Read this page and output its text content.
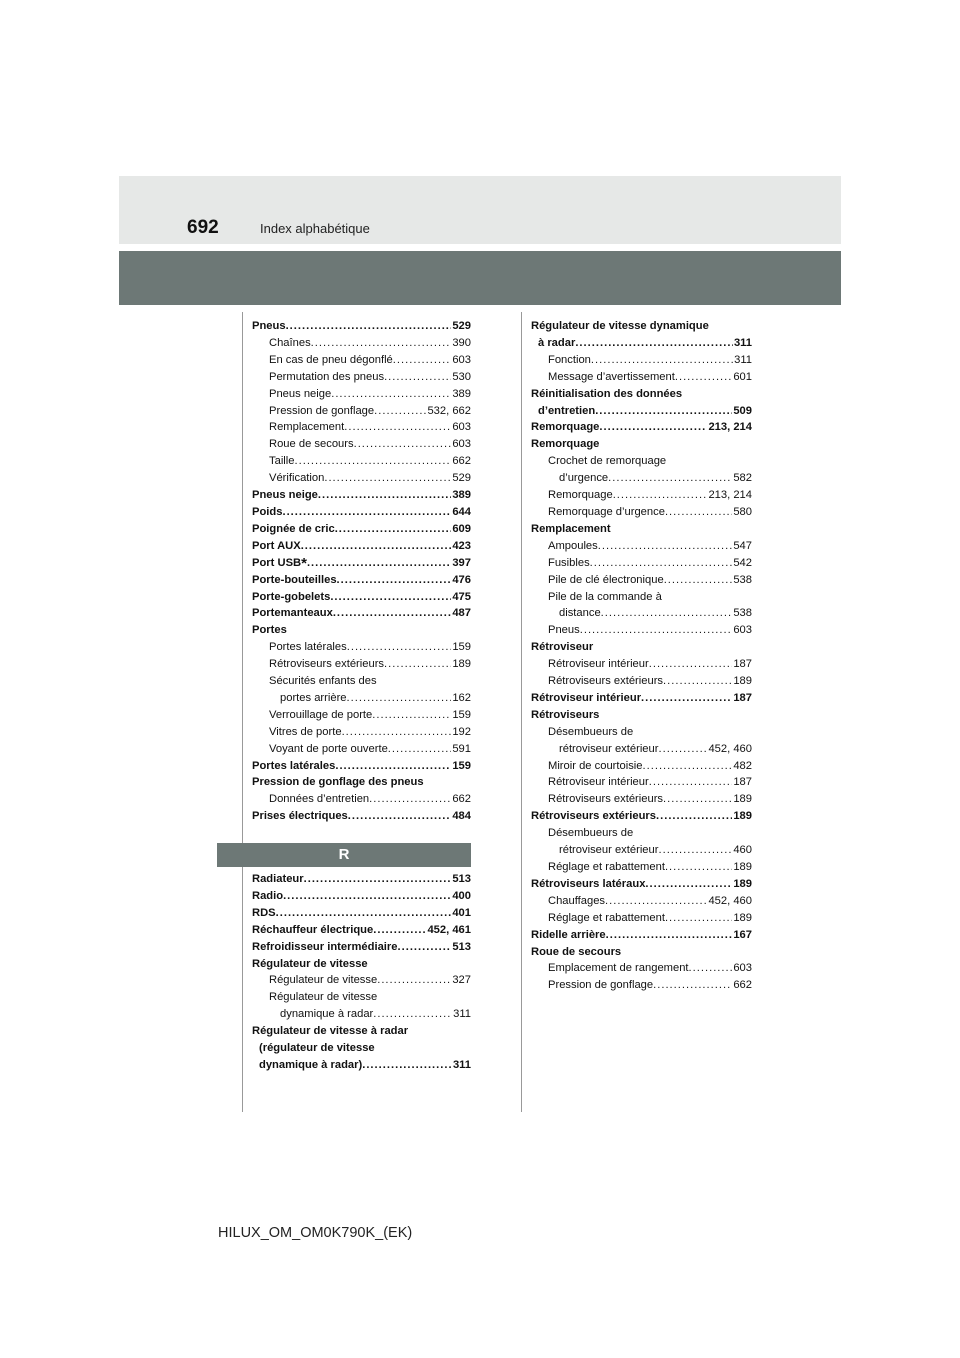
692	Index alphabétique
Pneus .....	529
Chaînes .....	390
En cas de pneu dégonflé .....	603
Permutation des pneus .....	530
Pneus neige .....	389
Pression de gonflage .....	532, 662
Remplacement .....	603
Roue de secours .....	603
Taille .....	662
Vérification .....	529
Pneus neige .....	389
Poids .....	644
Poignée de cric .....	609
Port AUX .....	423
Port USB* .....	397
Porte-bouteilles .....	476
Porte-gobelets .....	475
Portemanteaux .....	487
Portes
Portes latérales .....	159
Rétroviseurs extérieurs .....	189
Sécurités enfants des
portes arrière .....	162
Verrouillage de porte .....	159
Vitres de porte .....	192
Voyant de porte ouverte .....	591
Portes latérales .....	159
Pression de gonflage des pneus
Données d’entretien .....	662
Prises électriques .....	484
R
Radiateur .....	513
Radio .....	400
RDS .....	401
Réchauffeur électrique .....	452, 461
Refroidisseur intermédiaire .....	513
Régulateur de vitesse
Régulateur de vitesse .....	327
Régulateur de vitesse
dynamique à radar .....	311
Régulateur de vitesse à radar
(régulateur de vitesse
dynamique à radar) .....	311
Régulateur de vitesse dynamique
à radar .....	311
Fonction .....	311
Message d’avertissement .....	601
Réinitialisation des données
d’entretien .....	509
Remorquage .....	213, 214
Remorquage
Crochet de remorquage
d’urgence .....	582
Remorquage .....	213, 214
Remorquage d’urgence .....	580
Remplacement
Ampoules .....	547
Fusibles .....	542
Pile de clé électronique .....	538
Pile de la commande à
distance .....	538
Pneus .....	603
Rétroviseur
Rétroviseur intérieur .....	187
Rétroviseurs extérieurs .....	189
Rétroviseur intérieur .....	187
Rétroviseurs
Désembueurs de
rétroviseur extérieur .....	452, 460
Miroir de courtoisie .....	482
Rétroviseur intérieur .....	187
Rétroviseurs extérieurs .....	189
Rétroviseurs extérieurs .....	189
Désembueurs de
rétroviseur extérieur .....	460
Réglage et rabattement .....	189
Rétroviseurs latéraux .....	189
Chauffages .....	452, 460
Réglage et rabattement .....	189
Ridelle arrière .....	167
Roue de secours
Emplacement de rangement .....	603
Pression de gonflage .....	662
HILUX_OM_OM0K790K_(EK)
